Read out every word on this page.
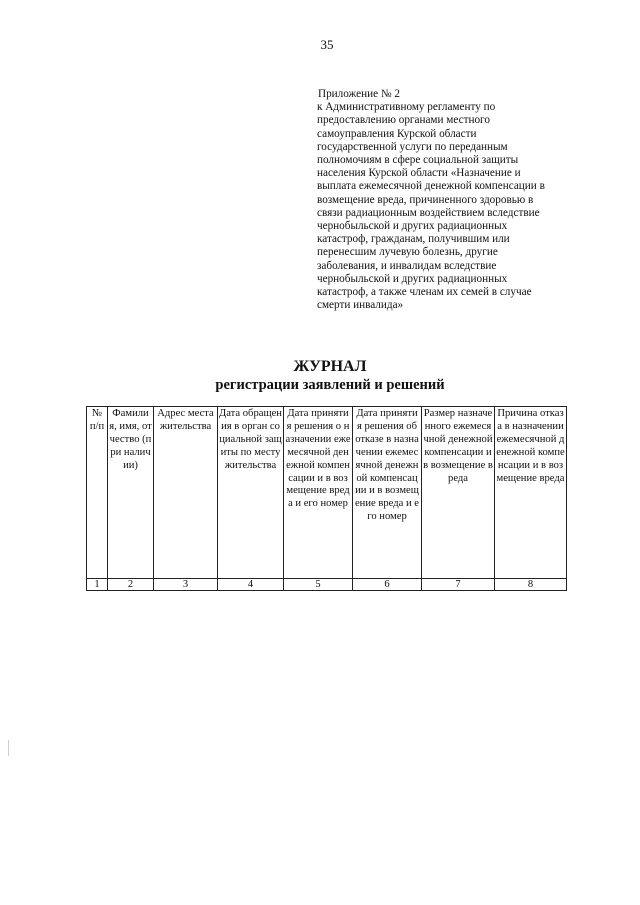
35
Приложение № 2
к Административному регламенту по
предоставлению органами местного
самоуправления Курской области
государственной услуги по переданным
полномочиям в сфере социальной защиты
населения Курской области «Назначение и
выплата ежемесячной денежной компенсации в
возмещение вреда, причиненного здоровью в
связи радиационным воздействием вследствие
чернобыльской и других радиационных
катастроф, гражданам, получившим или
перенесшим лучевую болезнь, другие
заболевания, и инвалидам вследствие
чернобыльской и других радиационных
катастроф, а также членам их семей в случае
смерти инвалида»
ЖУРНАЛ
регистрации заявлений и решений
№ п/п	Фамилия, имя, отчество (при наличии)	Адрес места жительства	Дата обращения в орган социальной защиты по месту жительства	Дата принятия решения о назначении ежемесячной денежной компенсации и в возмещение вреда и его номер	Дата принятия решения об отказе в назначении ежемесячной денежной компенсации и в возмещение вреда и его номер	Размер назначенного ежемесячной денежной компенсации и в возмещение вреда	Причина отказа в назначении ежемесячной денежной компенсации и в возмещение вреда
1	2	3	4	5	6	7	8
